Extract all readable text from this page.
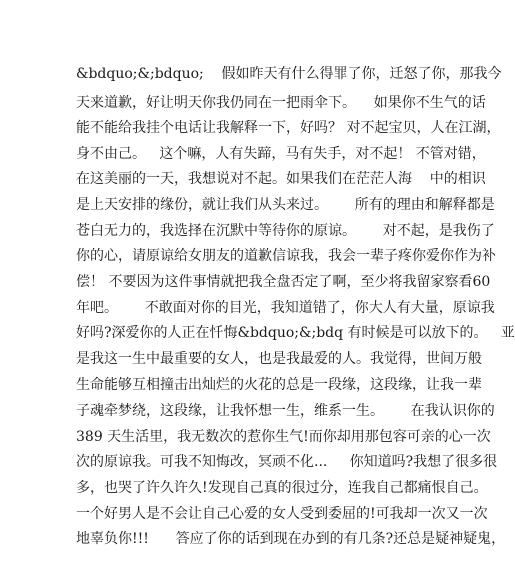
&bdquo;&;bdquo;    假如昨天有什么得罪了你，迁怒了你，那我今
天来道歉，好让明天你我仍同在一把雨伞下。    如果你不生气的话
能不能给我挂个电话让我解释一下，好吗？ 对不起宝贝，人在江湖，
身不由己。   这个嘛，人有失蹄，马有失手，对不起！ 不管对错，
在这美丽的一天，我想说对不起。如果我们在茫茫人海    中的相识
是上天安排的缘份，就让我们从头来过。      所有的理由和解释都是
苍白无力的，我选择在沉默中等待你的原谅。      对不起，是我伤了
你的心，请原谅给女朋友的道歉信谅我，我会一辈子疼你爱你作为补
偿！ 不要因为这件事情就把我全盘否定了啊，至少将我留家察看60
年吧。      不敢面对你的目光，我知道错了，你大人有大量，原谅我
好吗?深爱你的人正在忏悔&bdquo;&;bdq 有时候是可以放下的。   亚
是我这一生中最重要的女人，也是我最爱的人。我觉得，世间万般
生命能够互相撞击出灿烂的火花的总是一段缘，这段缘，让我一辈
子魂牵梦绕，这段缘，让我怀想一生，维系一生。      在我认识你的
389 天生活里，我无数次的惹你生气!而你却用那包容可亲的心一次
次的原谅我。可我不知悔改，冥顽不化...     你知道吗?我想了很多很
多，也哭了许久许久!发现自己真的很过分，连我自己都痛恨自己。
一个好男人是不会让自己心爱的女人受到委屈的!可我却一次又一次
地辜负你!!!      答应了你的话到现在办到的有几条?还总是疑神疑鬼，
